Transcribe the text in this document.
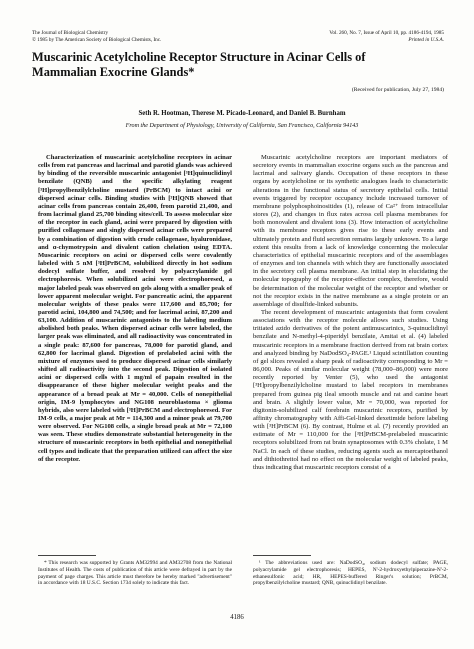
The Journal of Biological Chemistry
© 1985 by The American Society of Biological Chemists, Inc.
Vol. 260, No. 7, Issue of April 10, pp. 4186-4194, 1985
Printed in U.S.A.
Muscarinic Acetylcholine Receptor Structure in Acinar Cells of
Mammalian Exocrine Glands*
(Received for publication, July 27, 1984)
Seth R. Hootman, Therese M. Picado-Leonard, and Daniel B. Burnham
From the Department of Physiology, University of California, San Francisco, California 94143

Characterization of muscarinic acetylcholine receptors in acinar cells from rat pancreas and lacrimal and parotid glands was achieved by binding of the reversible muscarinic antagonist [³H]quinuclidinyl benzilate (QNB) and the specific alkylating reagent [³H]propylbenzilylcholine mustard (PrBCM) to intact acini or dispersed acinar cells. Binding studies with [³H]QNB showed that acinar cells from pancreas contain 26,400, from parotid 21,400, and from lacrimal gland 25,700 binding sites/cell. To assess molecular size of the receptor in each gland, acini were prepared by digestion with purified collagenase and singly dispersed acinar cells were prepared by a combination of digestion with crude collagenase, hyaluronidase, and α-chymotrypsin and divalent cation chelation using EDTA. Muscarinic receptors on acini or dispersed cells were covalently labeled with 5 nM [³H]PrBCM, solubilized directly in hot sodium dodecyl sulfate buffer, and resolved by polyacrylamide gel electrophoresis. When solubilized acini were electrophoresed, a major labeled peak was observed on gels along with a smaller peak of lower apparent molecular weight. For pancreatic acini, the apparent molecular weights of these peaks were 117,600 and 85,700; for parotid acini, 104,800 and 74,500; and for lacrimal acini, 87,200 and 63,100. Addition of muscarinic antagonists to the labeling medium abolished both peaks. When dispersed acinar cells were labeled, the larger peak was eliminated, and all radioactivity was concentrated in a single peak: 87,600 for pancreas, 78,000 for parotid gland, and 62,800 for lacrimal gland. Digestion of prelabeled acini with the mixture of enzymes used to produce dispersed acinar cells similarly shifted all radioactivity into the second peak. Digestion of isolated acini or dispersed cells with 1 mg/ml of papain resulted in the disappearance of these higher molecular weight peaks and the appearance of a broad peak at Mr = 40,000. Cells of nonepithelial origin, IM-9 lymphocytes and NG108 neuroblastoma × glioma hybrids, also were labeled with [³H]PrBCM and electrophoresed. For IM-9 cells, a major peak at Mr = 114,300 and a minor peak at 79,700 were observed. For NG108 cells, a single broad peak at Mr = 72,100 was seen. These studies demonstrate substantial heterogeneity in the structure of muscarinic receptors in both epithelial and nonepithelial cell types and indicate that the preparation utilized can affect the size of the receptor.

Muscarinic acetylcholine receptors are important mediators of secretory events in mammalian exocrine organs such as the pancreas and lacrimal and salivary glands. Occupation of these receptors in these organs by acetylcholine or its synthetic analogues leads to characteristic alterations in the functional status of secretory epithelial cells. Initial events triggered by receptor occupancy include increased turnover of membrane polyphosphoinositides (1), release of Ca²⁺ from intracellular stores (2), and changes in flux rates across cell plasma membranes for both monovalent and divalent ions (3). How interaction of acetylcholine with its membrane receptors gives rise to these early events and ultimately protein and fluid secretion remains largely unknown. To a large extent this results from a lack of knowledge concerning the molecular characteristics of epithelial muscarinic receptors and of the assemblages of enzymes and ion channels with which they are functionally associated in the secretory cell plasma membrane. An initial step in elucidating the molecular topography of the receptor-effector complex, therefore, would be determination of the molecular weight of the receptor and whether or not the receptor exists in the native membrane as a single protein or an assemblage of disulfide-linked subunits.

The recent development of muscarinic antagonists that form covalent associations with the receptor molecule allows such studies. Using tritiated azido derivatives of the potent antimuscarinics, 3-quinuclidinyl benzilate and N-methyl-4-piperidyl benzilate, Amitai et al. (4) labeled muscarinic receptors in a membrane fraction derived from rat brain cortex and analyzed binding by NaDodSO₄-PAGE.¹ Liquid scintillation counting of gel slices revealed a sharp peak of radioactivity corresponding to Mr = 86,000. Peaks of similar molecular weight (78,000–86,000) were more recently reported by Venter (5), who used the antagonist [³H]propylbenzilylcholine mustard to label receptors in membranes prepared from guinea pig ileal smooth muscle and rat and canine heart and brain. A slightly lower value, Mr = 70,000, was reported for digitonin-solubilized calf forebrain muscarinic receptors, purified by affinity chromatography with Affi-Gel-linked dexetimide before labeling with [³H]PrBCM (6). By contrast, Hulme et al. (7) recently provided an estimate of Mr = 110,000 for the [³H]PrBCM-prelabeled muscarinic receptors solubilized from rat brain synaptosomes with 0.3% cholate, 1 M NaCl. In each of these studies, reducing agents such as mercaptoethanol and dithiothreitol had no effect on the molecular weight of labeled peaks, thus indicating that muscarinic receptors consist of a

* This research was supported by Grants AM32994 and AM32708 from the National Institutes of Health. The costs of publication of this article were defrayed in part by the payment of page charges. This article must therefore be hereby marked "advertisement" in accordance with 18 U.S.C. Section 1734 solely to indicate this fact.

¹ The abbreviations used are: NaDodSO₄, sodium dodecyl sulfate; PAGE, polyacrylamide gel electrophoresis; HEPES, N'-2-hydroxyethylpiperazine-N'-2-ethanesulfonic acid; HR, HEPES-buffered Ringer's solution; PrBCM, propylbenzilylcholine mustard; QNB, quinuclidinyl benzilate.

4186
